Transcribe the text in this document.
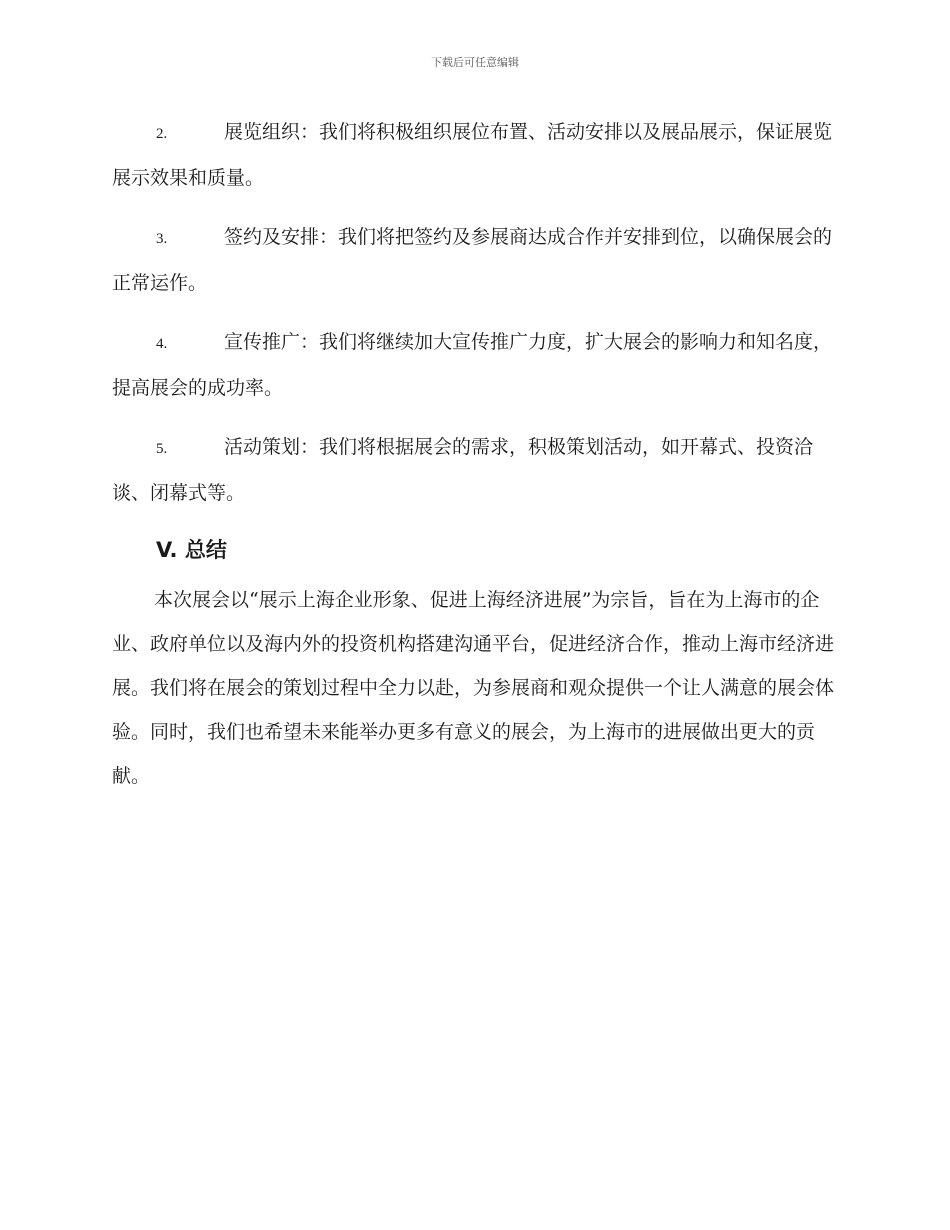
下载后可任意编辑
2.	展览组织：我们将积极组织展位布置、活动安排以及展品展示，保证展览展示效果和质量。
3.	签约及安排：我们将把签约及参展商达成合作并安排到位，以确保展会的正常运作。
4.	宣传推广：我们将继续加大宣传推广力度，扩大展会的影响力和知名度，提高展会的成功率。
5.	活动策划：我们将根据展会的需求，积极策划活动，如开幕式、投资洽谈、闭幕式等。
V. 总结

本次展会以“展示上海企业形象、促进上海经济进展”为宗旨，旨在为上海市的企业、政府单位以及海内外的投资机构搭建沟通平台，促进经济合作，推动上海市经济进展。我们将在展会的策划过程中全力以赴，为参展商和观众提供一个让人满意的展会体验。同时，我们也希望未来能举办更多有意义的展会，为上海市的进展做出更大的贡献。
